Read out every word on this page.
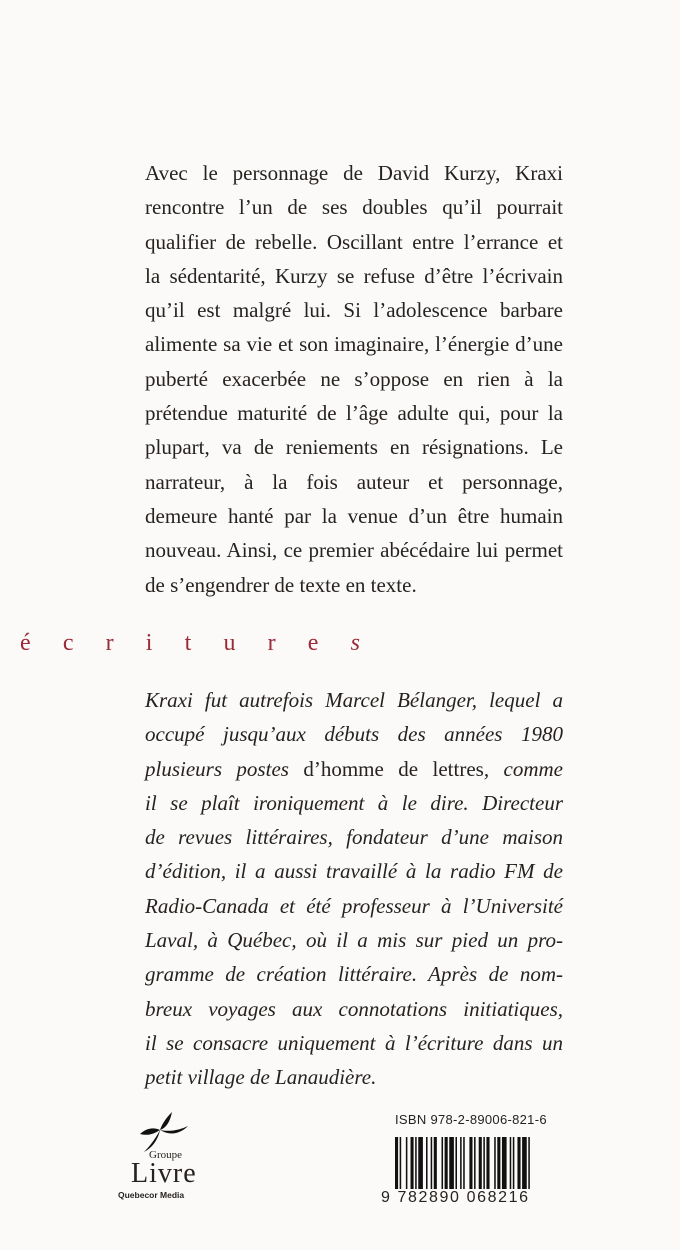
Avec le personnage de David Kurzy, Kraxi
rencontre l’un de ses doubles qu’il pourrait
qualifier de rebelle. Oscillant entre l’errance et
la sédentarité, Kurzy se refuse d’être l’écrivain
qu’il est malgré lui. Si l’adolescence barbare
alimente sa vie et son imaginaire, l’énergie d’une
puberté exacerbée ne s’oppose en rien à la
prétendue maturité de l’âge adulte qui, pour la
plupart, va de reniements en résignations. Le
narrateur, à la fois auteur et personnage,
demeure hanté par la venue d’un être humain
nouveau. Ainsi, ce premier abécédaire lui permet
de s’engendrer de texte en texte.
é c r i t u r e s
Kraxi fut autrefois Marcel Bélanger, lequel a
occupé jusqu’aux débuts des années 1980
plusieurs postes d’homme de lettres, comme
il se plaît ironiquement à le dire. Directeur
de revues littéraires, fondateur d’une maison
d’édition, il a aussi travaillé à la radio FM de
Radio-Canada et été professeur à l’Université
Laval, à Québec, où il a mis sur pied un pro-
gramme de création littéraire. Après de nom-
breux voyages aux connotations initiatiques,
il se consacre uniquement à l’écriture dans un
petit village de Lanaudière.
Groupe
Livre
Quebecor Media
ISBN 978-2-89006-821-6
9 782890 068216
